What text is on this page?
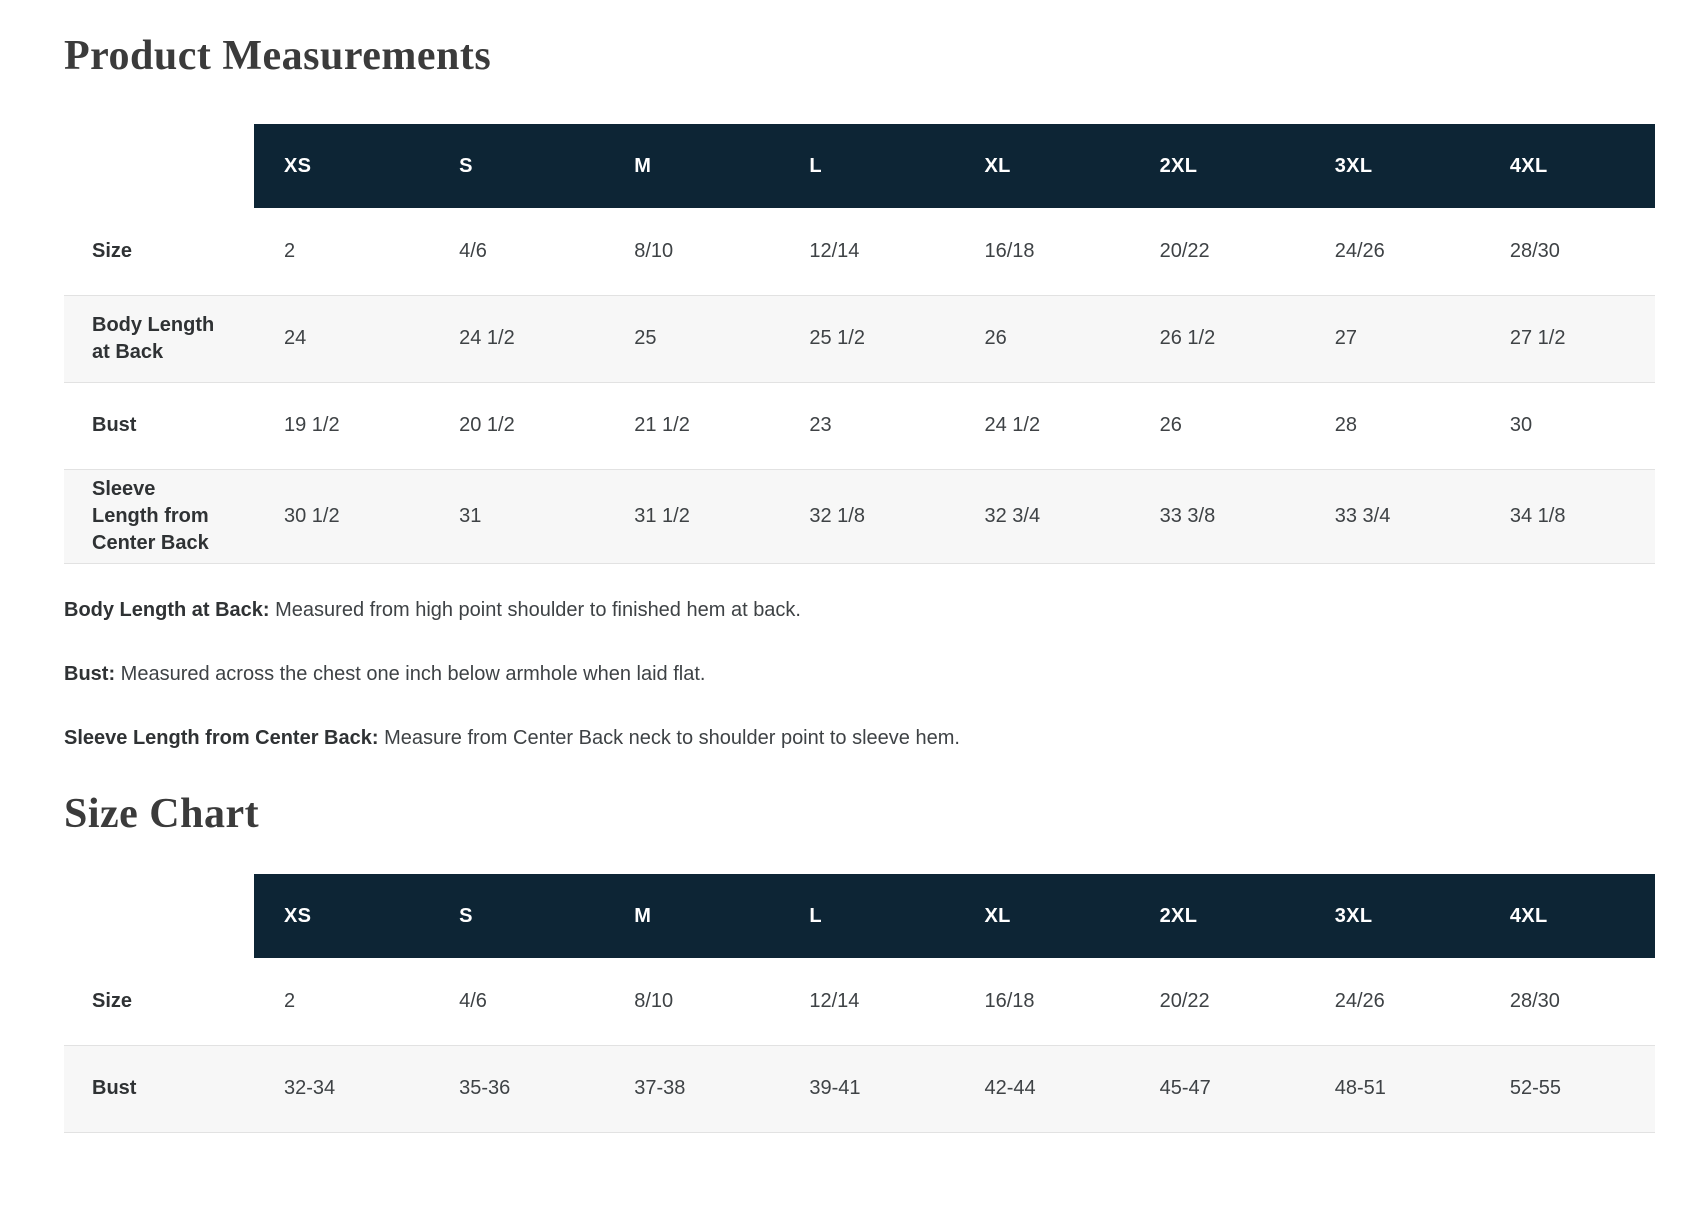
Product Measurements
	XS	S	M	L	XL	2XL	3XL	4XL
Size	2	4/6	8/10	12/14	16/18	20/22	24/26	28/30
Body Length at Back	24	24 1/2	25	25 1/2	26	26 1/2	27	27 1/2
Bust	19 1/2	20 1/2	21 1/2	23	24 1/2	26	28	30
Sleeve Length from Center Back	30 1/2	31	31 1/2	32 1/8	32 3/4	33 3/8	33 3/4	34 1/8

Body Length at Back: Measured from high point shoulder to finished hem at back.

Bust: Measured across the chest one inch below armhole when laid flat.

Sleeve Length from Center Back: Measure from Center Back neck to shoulder point to sleeve hem.

Size Chart
	XS	S	M	L	XL	2XL	3XL	4XL
Size	2	4/6	8/10	12/14	16/18	20/22	24/26	28/30
Bust	32-34	35-36	37-38	39-41	42-44	45-47	48-51	52-55
